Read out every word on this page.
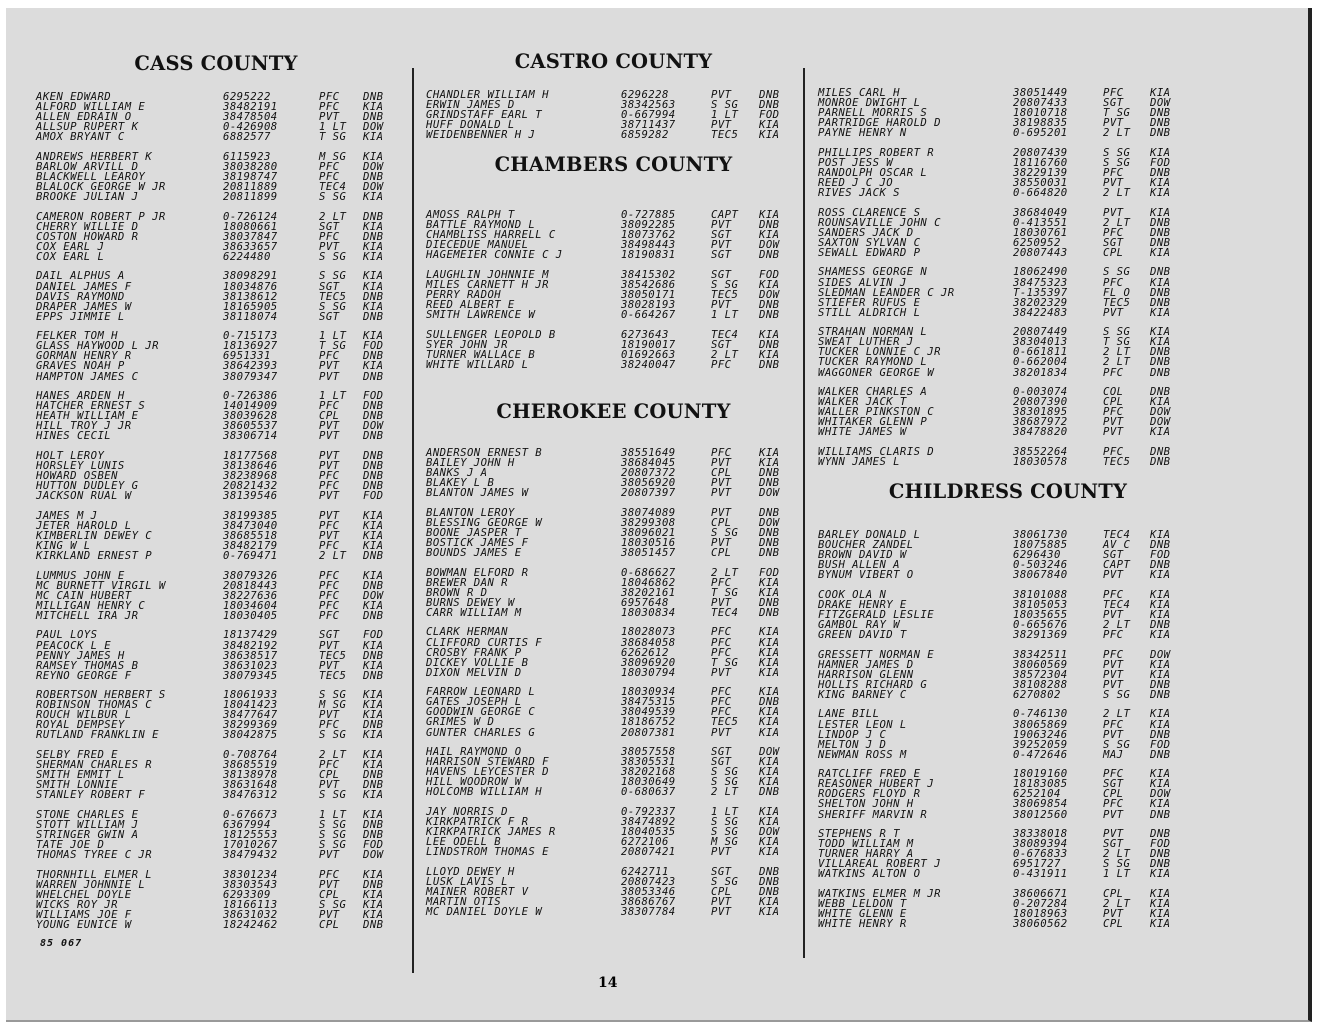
CASS COUNTY
AKEN EDWARD	6295222	PFC DNB
ALFORD WILLIAM E	38482191	PFC KIA
ALLEN EDRAIN O	38478504	PVT DNB
ALLSUP RUPERT K	0-426908	1 LT DOW
AMOX BRYANT C	6882577	T SG KIA
ANDREWS HERBERT K	6115923	M SG KIA
BARLOW ARVILL D	38038280	PFC DOW
BLACKWELL LEAROY	38198747	PFC DNB
BLALOCK GEORGE W JR	20811889	TEC4 DOW
BROOKE JULIAN J	20811899	S SG KIA
CAMERON ROBERT P JR	0-726124	2 LT DNB
CHERRY WILLIE D	18080661	SGT KIA
COSTON HOWARD R	38037847	PFC DNB
COX EARL J	38633657	PVT KIA
COX EARL L	6224480	S SG KIA
DAIL ALPHUS A	38098291	S SG KIA
DANIEL JAMES F	18034876	SGT KIA
DAVIS RAYMOND	38138612	TEC5 DNB
DRAPER JAMES W	18165905	S SG KIA
EPPS JIMMIE L	38118074	SGT DNB
FELKER TOM H	0-715173	1 LT KIA
GLASS HAYWOOD L JR	18136927	T SG FOD
GORMAN HENRY R	6951331	PFC DNB
GRAVES NOAH P	38642393	PVT KIA
HAMPTON JAMES C	38079347	PVT DNB
HANES ARDEN H	0-726386	1 LT FOD
HATCHER ERNEST S	14014909	PFC DNB
HEATH WILLIAM E	38039628	CPL DNB
HILL TROY J JR	38605537	PVT DOW
HINES CECIL	38306714	PVT DNB
HOLT LEROY	18177568	PVT DNB
HORSLEY LUNIS	38138646	PVT DNB
HOWARD OSBEN	38238968	PFC DNB
HUTTON DUDLEY G	20821432	PFC DNB
JACKSON RUAL W	38139546	PVT FOD
JAMES M J	38199385	PVT KIA
JETER HAROLD L	38473040	PFC KIA
KIMBERLIN DEWEY C	38685518	PVT KIA
KING W L	38482179	PFC KIA
KIRKLAND ERNEST P	0-769471	2 LT DNB
LUMMUS JOHN E	38079326	PFC KIA
MC BURNETT VIRGIL W	20818443	PFC DNB
MC CAIN HUBERT	38227636	PFC DOW
MILLIGAN HENRY C	18034604	PFC KIA
MITCHELL IRA JR	18030405	PFC DNB
PAUL LOYS	18137429	SGT FOD
PEACOCK L E	38482192	PVT KIA
PENNY JAMES H	38638517	TEC5 DNB
RAMSEY THOMAS B	38631023	PVT KIA
REYNO GEORGE F	38079345	TEC5 DNB
ROBERTSON HERBERT S	18061933	S SG KIA
ROBINSON THOMAS C	18041423	M SG KIA
ROUCH WILBUR L	38477647	PVT KIA
ROYAL DEMPSEY	38299369	PFC DNB
RUTLAND FRANKLIN E	38042875	S SG KIA
SELBY FRED E	0-708764	2 LT KIA
SHERMAN CHARLES R	38685519	PFC KIA
SMITH EMMIT L	38138978	CPL DNB
SMITH LONNIE	38631648	PVT DNB
STANLEY ROBERT F	38476312	S SG KIA
STONE CHARLES E	0-676673	1 LT KIA
STOTT WILLIAM J	6367994	S SG DNB
STRINGER GWIN A	18125553	S SG DNB
TATE JOE D	17010267	S SG FOD
THOMAS TYREE C JR	38479432	PVT DOW
THORNHILL ELMER L	38301234	PFC KIA
WARREN JOHNNIE L	38303543	PVT DNB
WHELCHEL DOYLE	6293309	CPL KIA
WICKS ROY JR	18166113	S SG KIA
WILLIAMS JOE F	38631032	PVT KIA
YOUNG EUNICE W	18242462	CPL DNB
CASTRO COUNTY
CHANDLER WILLIAM H	6296228	PVT	DNB
ERWIN JAMES D	38342563	S SG DNB
GRINDSTAFF EARL T	0-667994	1 LT FOD
HUFF DONALD L	38711437	PVT	KIA
WEIDENBENNER H J	6859282	TEC5 KIA
CHAMBERS COUNTY
AMOSS RALPH T	0-727885	CAPT KIA
BATTLE RAYMOND L	38092285	PVT	DNB
CHAMBLISS HARRELL C	18073762	SGT	KIA
DIECEDUE MANUEL	38498443	PVT	DOW
HAGEMEIER CONNIE C J	18190831	SGT	DNB
LAUGHLIN JOHNNIE M	38415302	SGT	FOD
MILES CARNETT H JR	38542686	S SG KIA
PERRY RADOH	38050171	TEC5 DOW
REED ALBERT E	38028193	PVT	DNB
SMITH LAWRENCE W	0-664267	1 LT DNB
SULLENGER LEOPOLD B	6273643	TEC4 KIA
SYER JOHN JR	18190017	SGT	DNB
TURNER WALLACE B	01692663	2 LT KIA
WHITE WILLARD L	38240047	PFC	DNB
CHEROKEE COUNTY
ANDERSON ERNEST B	38551649	PFC	KIA
BAILEY JOHN H	38684045	PVT	KIA
BANKS J A	20807372	CPL	DNB
BLAKEY L B	38056920	PVT	DNB
BLANTON JAMES W	20807397	PVT	DOW
BLANTON LEROY	38074089	PVT	DNB
BLESSING GEORGE W	38299308	CPL	DOW
BOONE JASPER T	38096021	S SG DNB
BOSTICK JAMES F	18030516	PVT	DNB
BOUNDS JAMES E	38051457	CPL	DNB
BOWMAN ELFORD R	0-686627	2 LT FOD
BREWER DAN R	18046862	PFC	KIA
BROWN R D	38202161	T SG KIA
BURNS DEWEY W	6957648	PVT	DNB
CARR WILLIAM M	18030834	TEC4 DNB
CLARK HERMAN	18028073	PFC	KIA
CLIFFORD CURTIS F	38684058	PFC	KIA
CROSBY FRANK P	6262612	PFC	KIA
DICKEY VOLLIE B	38096920	T SG KIA
DIXON MELVIN D	18030794	PVT	KIA
FARROW LEONARD L	18030934	PFC	KIA
GATES JOSEPH L	38475315	PFC	DNB
GOODWIN GEORGE C	38049539	PFC	KIA
GRIMES W D	18186752	TEC5 KIA
GUNTER CHARLES G	20807381	PVT	KIA
HAIL RAYMOND O	38057558	SGT	DOW
HARRISON STEWARD F	38305531	SGT	KIA
HAVENS LEYCESTER D	38202168	S SG KIA
HILL WOODROW W	18030649	S SG KIA
HOLCOMB WILLIAM H	0-680637	2 LT DNB
JAY NORRIS D	0-792337	1 LT KIA
KIRKPATRICK F R	38474892	S SG KIA
KIRKPATRICK JAMES R	18040535	S SG DOW
LEE ODELL B	6272106	M SG KIA
LINDSTROM THOMAS E	20807421	PVT	KIA
LLOYD DEWEY H	6242711	SGT	DNB
LUSK LAVIS L	20807423	S SG DNB
MAINER ROBERT V	38053346	CPL	DNB
MARTIN OTIS	38686767	PVT	KIA
MC DANIEL DOYLE W	38307784	PVT	KIA
MILES CARL H	38051449	PFC	KIA
MONROE DWIGHT L	20807433	SGT	DOW
PARNELL MORRIS S	18010718	T SG DNB
PARTRIDGE HAROLD D	38198835	PVT	DNB
PAYNE HENRY N	0-695201	2 LT DNB
PHILLIPS ROBERT R	20807439	S SG KIA
POST JESS W	18116760	S SG FOD
RANDOLPH OSCAR L	38229139	PFC	DNB
REED J C JO	38550031	PVT	KIA
RIVES JACK S	0-664820	2 LT KIA
ROSS CLARENCE S	38684049	PVT	KIA
ROUNSAVILLE JOHN C	0-413551	2 LT DNB
SANDERS JACK D	18030761	PFC	DNB
SAXTON SYLVAN C	6250952	SGT	DNB
SEWALL EDWARD P	20807443	CPL	KIA
SHAMESS GEORGE N	18062490	S SG DNB
SIDES ALVIN J	38475323	PFC	KIA
SLEDMAN LEANDER C JR	T-135397	FL O DNB
STIEFER RUFUS E	38202329	TEC5 DNB
STILL ALDRICH L	38422483	PVT	KIA
STRAHAN NORMAN L	20807449	S SG KIA
SWEAT LUTHER J	38304013	T SG KIA
TUCKER LONNIE C JR	0-661811	2 LT DNB
TUCKER RAYMOND L	0-662004	2 LT DNB
WAGGONER GEORGE W	38201834	PFC	DNB
WALKER CHARLES A	0-003074	COL	DNB
WALKER JACK T	20807390	CPL	KIA
WALLER PINKSTON C	38301895	PFC	DOW
WHITAKER GLENN P	38687972	PVT	DOW
WHITE JAMES W	38478820	PVT	KIA
WILLIAMS CLARIS D	38552264	PFC	DNB
WYNN JAMES L	18030578	TEC5 DNB
CHILDRESS COUNTY
BARLEY DONALD L	38061730	TEC4 KIA
BOUCHER ZANDEL	18075885	AV C DNB
BROWN DAVID W	6296430	SGT	FOD
BUSH ALLEN A	0-503246	CAPT DNB
BYNUM VIBERT O	38067840	PVT	KIA
COOK OLA N	38101088	PFC	KIA
DRAKE HENRY E	38105053	TEC4 KIA
FITZGERALD LESLIE	18035655	PVT	KIA
GAMBOL RAY W	0-665676	2 LT DNB
GREEN DAVID T	38291369	PFC	KIA
GRESSETT NORMAN E	38342511	PFC	DOW
HAMNER JAMES D	38060569	PVT	KIA
HARRISON GLENN	38572304	PVT	KIA
HOLLIS RICHARD G	38108288	PVT	DNB
KING BARNEY C	6270802	S SG DNB
LANE BILL	0-746130	2 LT KIA
LESTER LEON L	38065869	PFC	KIA
LINDOP J C	19063246	PVT	DNB
MELTON J D	39252059	S SG FOD
NEWMAN ROSS M	0-472646	MAJ	DNB
RATCLIFF FRED E	18019160	PFC	KIA
REASONER HUBERT J	18183085	SGT	KIA
RODGERS FLOYD R	6252104	CPL	DOW
SHELTON JOHN H	38069854	PFC	KIA
SHERIFF MARVIN R	38012560	PVT	DNB
STEPHENS R T	38338018	PVT	DNB
TODD WILLIAM M	38089394	SGT	FOD
TURNER HARRY A	0-676833	2 LT DNB
VILLAREAL ROBERT J	6951727	S SG DNB
WATKINS ALTON O	0-431911	1 LT KIA
WATKINS ELMER M JR	38606671	CPL	KIA
WEBB LELDON T	0-207284	2 LT KIA
WHITE GLENN E	18018963	PVT	KIA
WHITE HENRY R	38060562	CPL	KIA
85 067
14
